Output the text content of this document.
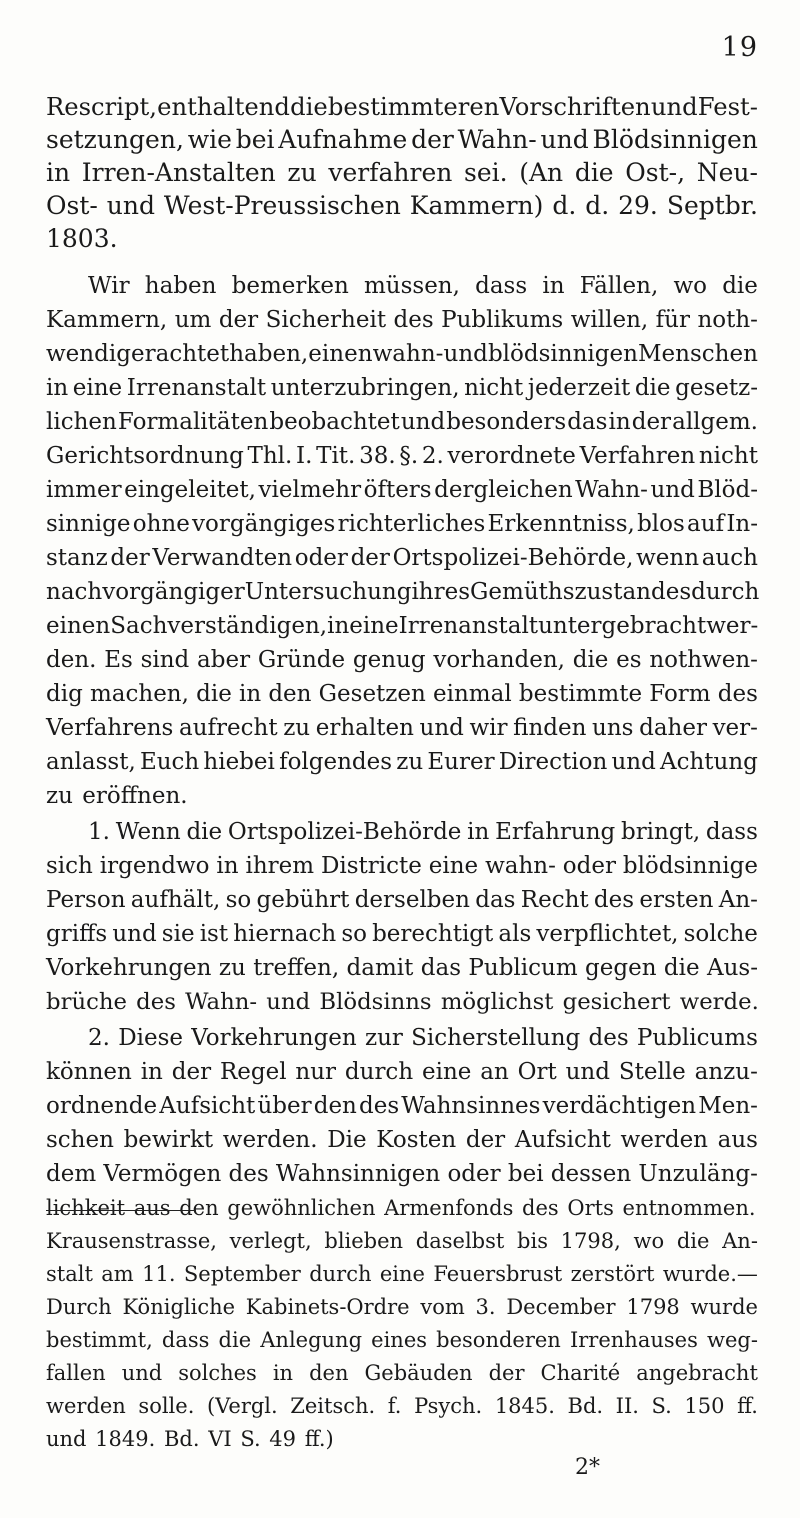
19
Rescript, enthaltend die bestimmteren Vorschriften und Fest-
setzungen, wie bei Aufnahme der Wahn- und Blödsinnigen
in Irren-Anstalten zu verfahren sei. (An die Ost-, Neu-
Ost- und West-Preussischen Kammern) d. d. 29. Septbr.
1803.
Wir haben bemerken müssen, dass in Fällen, wo die
Kammern, um der Sicherheit des Publikums willen, für noth-
wendig erachtet haben, einen wahn- und blödsinnigen Menschen
in eine Irrenanstalt unterzubringen, nicht jederzeit die gesetz-
lichen Formalitäten beobachtet und besonders das in der allgem.
Gerichtsordnung Thl. I. Tit. 38. §. 2. verordnete Verfahren nicht
immer eingeleitet, vielmehr öfters dergleichen Wahn- und Blöd-
sinnige ohne vorgängiges richterliches Erkenntniss, blos auf In-
stanz der Verwandten oder der Ortspolizei-Behörde, wenn auch
nach vorgängiger Untersuchung ihres Gemüthszustandes durch
einen Sachverständigen, in eine Irrenanstalt untergebracht wer-
den. Es sind aber Gründe genug vorhanden, die es nothwen-
dig machen, die in den Gesetzen einmal bestimmte Form des
Verfahrens aufrecht zu erhalten und wir finden uns daher ver-
anlasst, Euch hiebei folgendes zu Eurer Direction und Achtung
zu eröffnen.
1. Wenn die Ortspolizei-Behörde in Erfahrung bringt, dass
sich irgendwo in ihrem Districte eine wahn- oder blödsinnige
Person aufhält, so gebührt derselben das Recht des ersten An-
griffs und sie ist hiernach so berechtigt als verpflichtet, solche
Vorkehrungen zu treffen, damit das Publicum gegen die Aus-
brüche des Wahn- und Blödsinns möglichst gesichert werde.
2. Diese Vorkehrungen zur Sicherstellung des Publicums
können in der Regel nur durch eine an Ort und Stelle anzu-
ordnende Aufsicht über den des Wahnsinnes verdächtigen Men-
schen bewirkt werden. Die Kosten der Aufsicht werden aus
dem Vermögen des Wahnsinnigen oder bei dessen Unzuläng-
lichkeit aus den gewöhnlichen Armenfonds des Orts entnommen.
Krausenstrasse, verlegt, blieben daselbst bis 1798, wo die An-
stalt am 11. September durch eine Feuersbrust zerstört wurde.—
Durch Königliche Kabinets-Ordre vom 3. December 1798 wurde
bestimmt, dass die Anlegung eines besonderen Irrenhauses weg-
fallen und solches in den Gebäuden der Charité angebracht
werden solle. (Vergl. Zeitsch. f. Psych. 1845. Bd. II. S. 150 ff.
und 1849. Bd. VI S. 49 ff.)
2*
